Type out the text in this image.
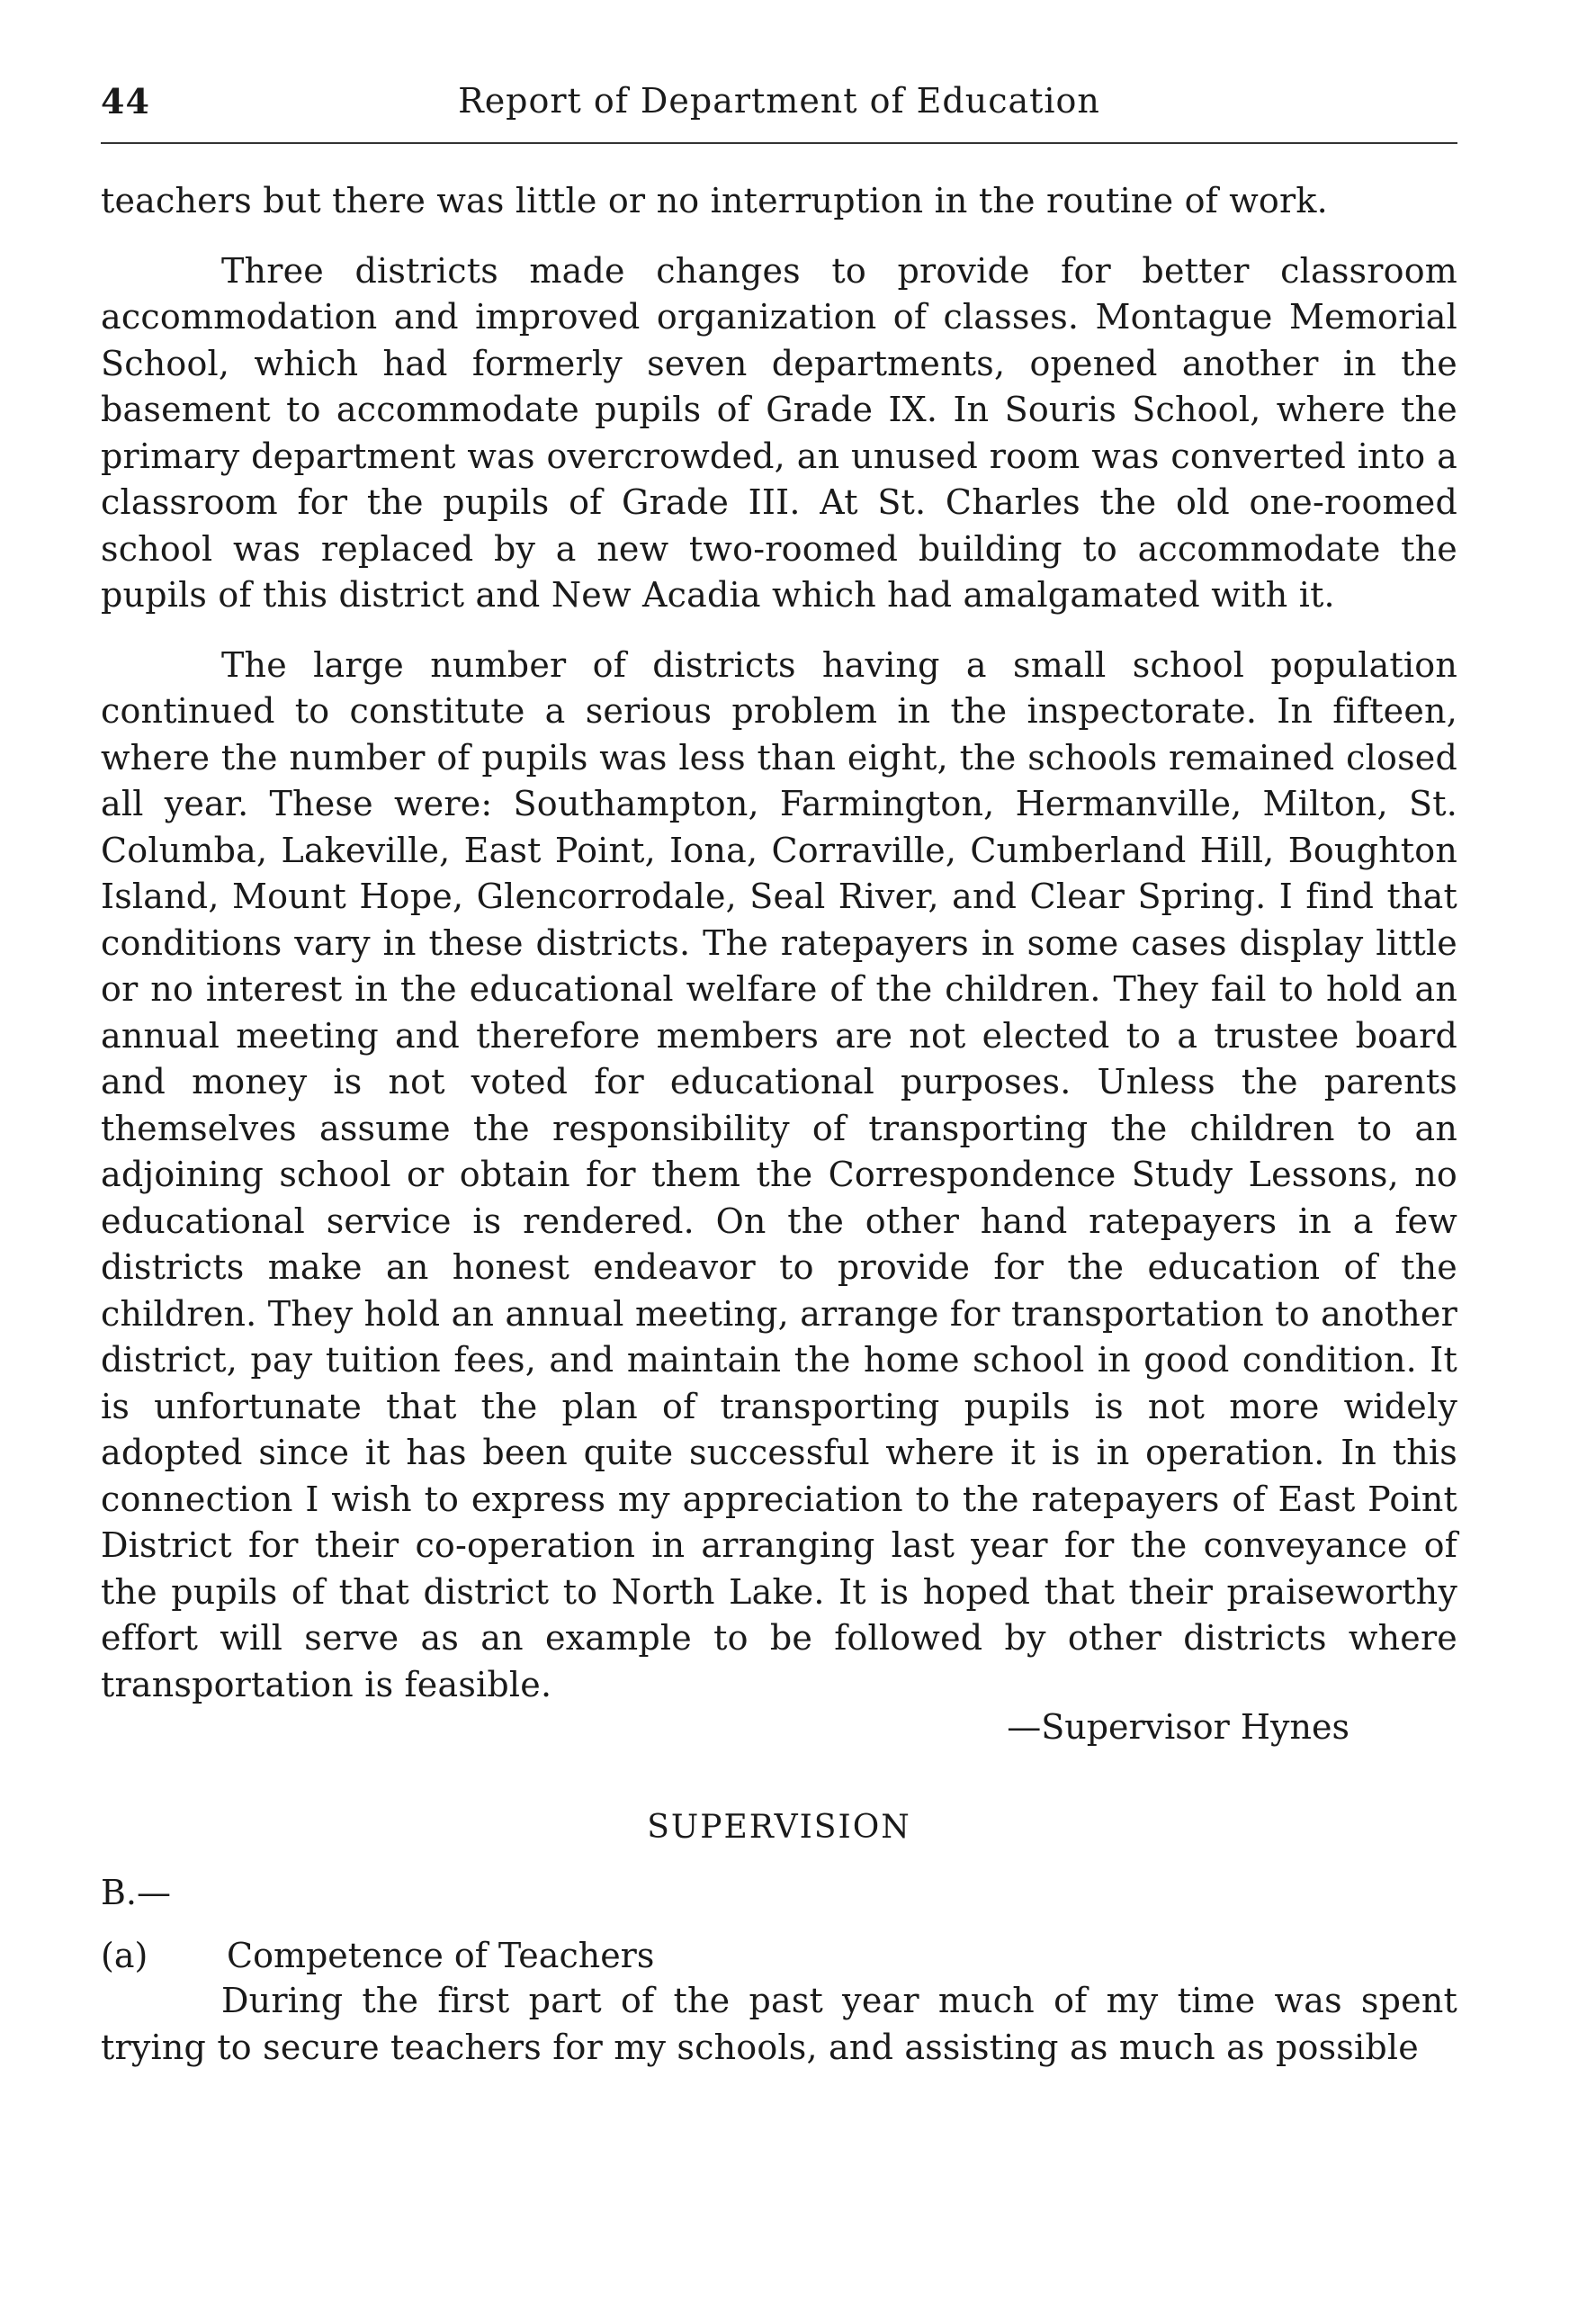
44	Report of Department of Education

teachers but there was little or no interruption in the routine of work.

Three districts made changes to provide for better classroom accommodation and improved organization of classes. Montague Memorial School, which had formerly seven departments, opened another in the basement to accommodate pupils of Grade IX. In Souris School, where the primary department was overcrowded, an unused room was converted into a classroom for the pupils of Grade III. At St. Charles the old one-roomed school was replaced by a new two-roomed building to accommodate the pupils of this district and New Acadia which had amalgamated with it.

The large number of districts having a small school population continued to constitute a serious problem in the inspectorate. In fifteen, where the number of pupils was less than eight, the schools remained closed all year. These were: Southampton, Farmington, Hermanville, Milton, St. Columba, Lakeville, East Point, Iona, Corraville, Cumberland Hill, Boughton Island, Mount Hope, Glencorrodale, Seal River, and Clear Spring. I find that conditions vary in these districts. The ratepayers in some cases display little or no interest in the educational welfare of the children. They fail to hold an annual meeting and therefore members are not elected to a trustee board and money is not voted for educational purposes. Unless the parents themselves assume the responsibility of transporting the children to an adjoining school or obtain for them the Correspondence Study Lessons, no educational service is rendered. On the other hand ratepayers in a few districts make an honest endeavor to provide for the education of the children. They hold an annual meeting, arrange for transportation to another district, pay tuition fees, and maintain the home school in good condition. It is unfortunate that the plan of transporting pupils is not more widely adopted since it has been quite successful where it is in operation. In this connection I wish to express my appreciation to the ratepayers of East Point District for their co-operation in arranging last year for the conveyance of the pupils of that district to North Lake. It is hoped that their praiseworthy effort will serve as an example to be followed by other districts where transportation is feasible.

—Supervisor Hynes
SUPERVISION
B.—
(a)	Competence of Teachers

During the first part of the past year much of my time was spent trying to secure teachers for my schools, and assisting as much as possible
